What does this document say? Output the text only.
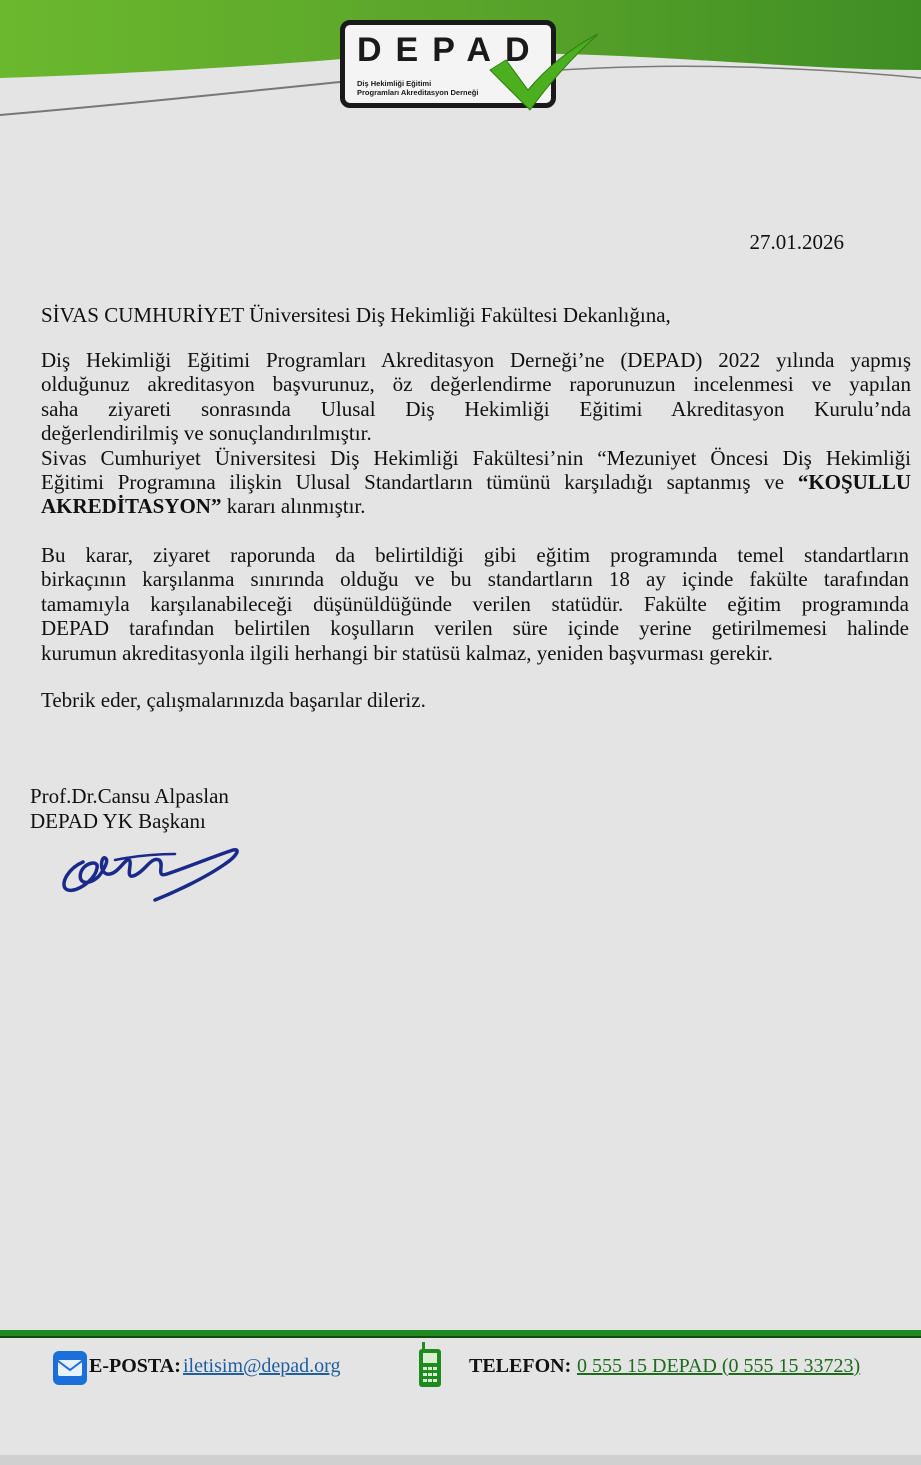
DEPAD
Diş Hekimliği Eğitimi
Programları Akreditasyon Derneği
27.01.2026
SİVAS CUMHURİYET Üniversitesi Diş Hekimliği Fakültesi Dekanlığına,
Diş Hekimliği Eğitimi Programları Akreditasyon Derneği’ne (DEPAD) 2022 yılında yapmış
olduğunuz akreditasyon başvurunuz, öz değerlendirme raporunuzun incelenmesi ve yapılan
saha ziyareti sonrasında Ulusal Diş Hekimliği Eğitimi Akreditasyon Kurulu’nda
değerlendirilmiş ve sonuçlandırılmıştır.
Sivas Cumhuriyet Üniversitesi Diş Hekimliği Fakültesi’nin “Mezuniyet Öncesi Diş Hekimliği
Eğitimi Programına ilişkin Ulusal Standartların tümünü karşıladığı saptanmış ve “KOŞULLU
AKREDİTASYON” kararı alınmıştır.
Bu karar, ziyaret raporunda da belirtildiği gibi eğitim programında temel standartların
birkaçının karşılanma sınırında olduğu ve bu standartların 18 ay içinde fakülte tarafından
tamamıyla karşılanabileceği düşünüldüğünde verilen statüdür. Fakülte eğitim programında
DEPAD tarafından belirtilen koşulların verilen süre içinde yerine getirilmemesi halinde
kurumun akreditasyonla ilgili herhangi bir statüsü kalmaz, yeniden başvurması gerekir.
Tebrik eder, çalışmalarınızda başarılar dileriz.
Prof.Dr.Cansu Alpaslan
DEPAD YK Başkanı
E-POSTA: iletisim@depad.org	TELEFON: 0 555 15 DEPAD (0 555 15 33723)
